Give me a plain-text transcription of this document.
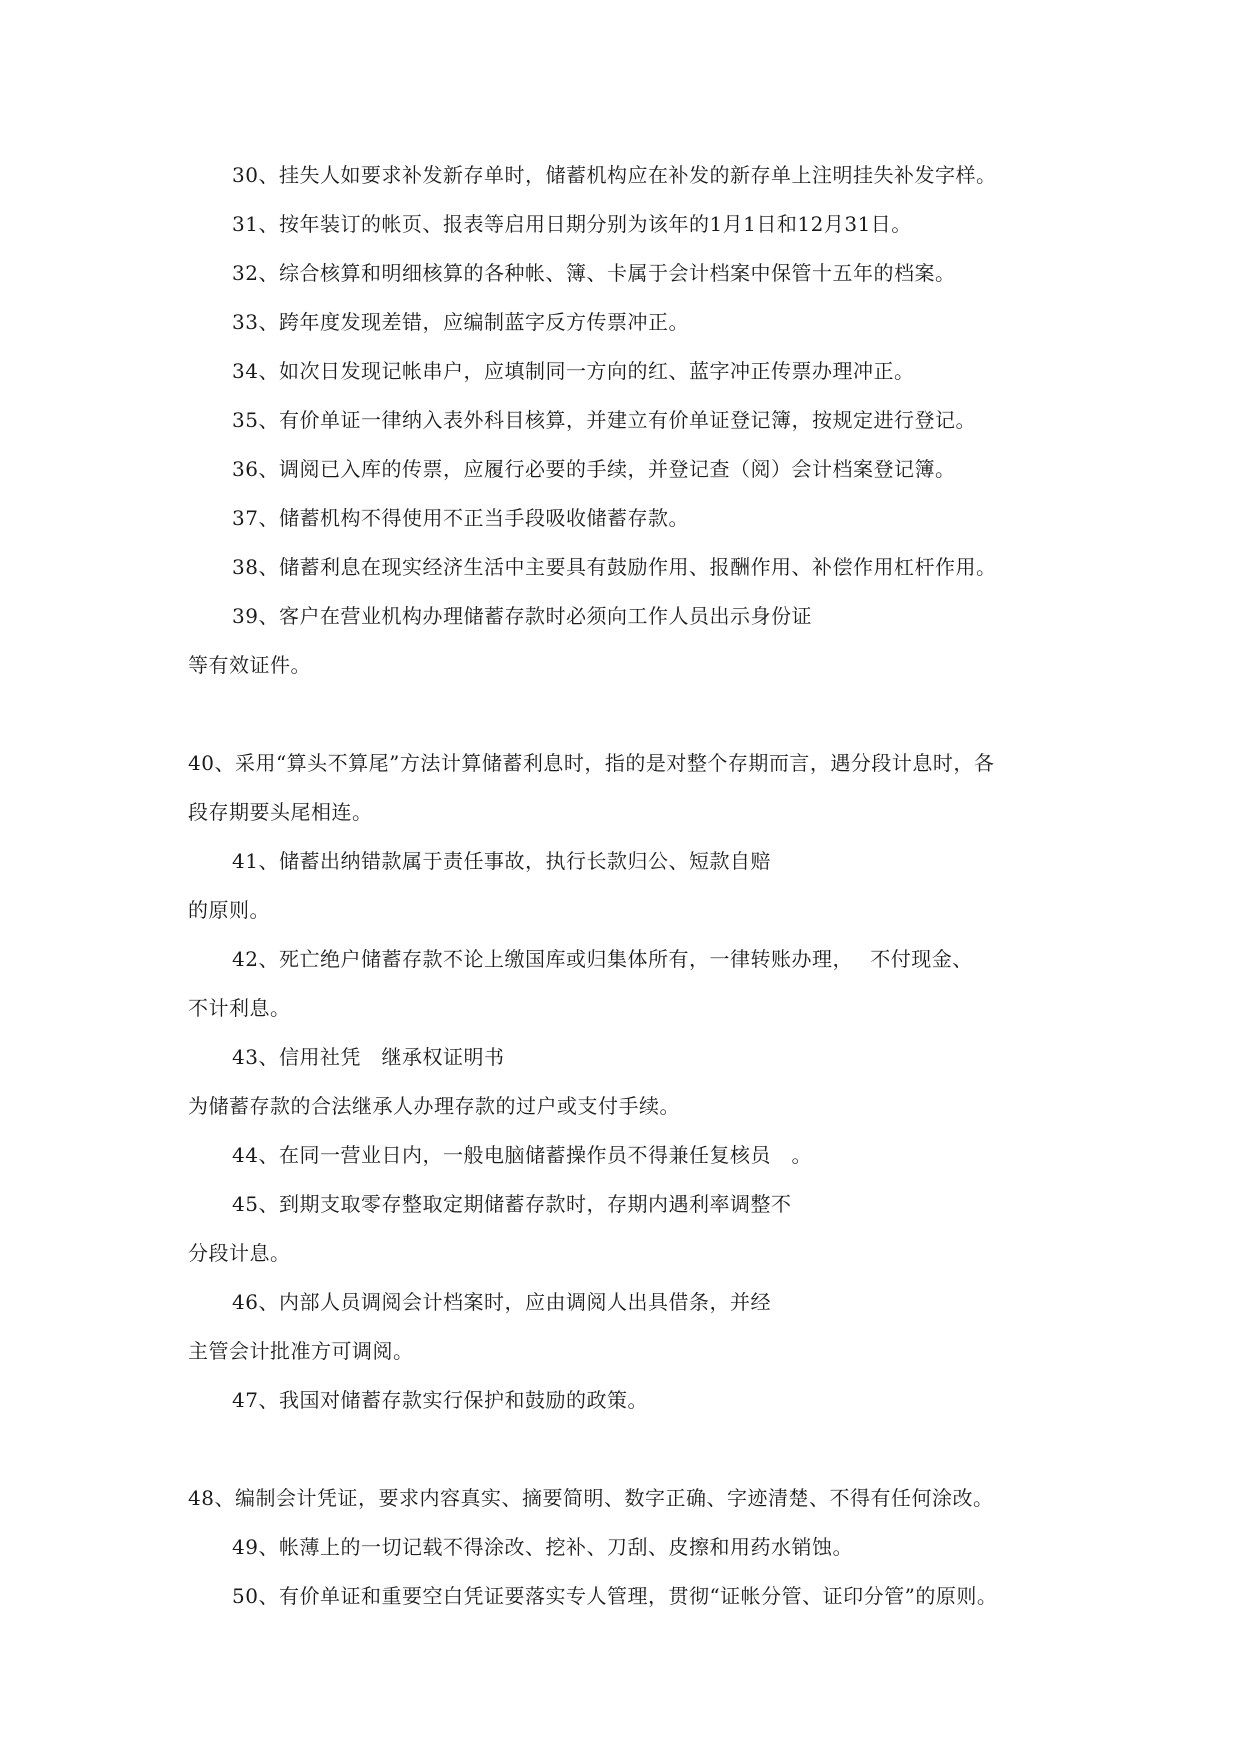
30、挂失人如要求补发新存单时，储蓄机构应在补发的新存单上注明挂失补发字样。
31、按年装订的帐页、报表等启用日期分别为该年的1月1日和12月31日。
32、综合核算和明细核算的各种帐、簿、卡属于会计档案中保管十五年的档案。
33、跨年度发现差错，应编制蓝字反方传票冲正。
34、如次日发现记帐串户，应填制同一方向的红、蓝字冲正传票办理冲正。
35、有价单证一律纳入表外科目核算，并建立有价单证登记簿，按规定进行登记。
36、调阅已入库的传票，应履行必要的手续，并登记查（阅）会计档案登记簿。
37、储蓄机构不得使用不正当手段吸收储蓄存款。
38、储蓄利息在现实经济生活中主要具有鼓励作用、报酬作用、补偿作用杠杆作用。
39、客户在营业机构办理储蓄存款时必须向工作人员出示身份证
等有效证件。
40、采用“算头不算尾”方法计算储蓄利息时，指的是对整个存期而言，遇分段计息时，各
段存期要头尾相连。
41、储蓄出纳错款属于责任事故，执行长款归公、短款自赔
的原则。
42、死亡绝户储蓄存款不论上缴国库或归集体所有，一律转账办理，　 不付现金、
不计利息。
43、信用社凭　继承权证明书
为储蓄存款的合法继承人办理存款的过户或支付手续。
44、在同一营业日内，一般电脑储蓄操作员不得兼任复核员　。
45、到期支取零存整取定期储蓄存款时，存期内遇利率调整不
分段计息。
46、内部人员调阅会计档案时，应由调阅人出具借条，并经
主管会计批准方可调阅。
47、我国对储蓄存款实行保护和鼓励的政策。
48、编制会计凭证，要求内容真实、摘要简明、数字正确、字迹清楚、不得有任何涂改。
49、帐薄上的一切记载不得涂改、挖补、刀刮、皮擦和用药水销蚀。
50、有价单证和重要空白凭证要落实专人管理，贯彻“证帐分管、证印分管”的原则。
